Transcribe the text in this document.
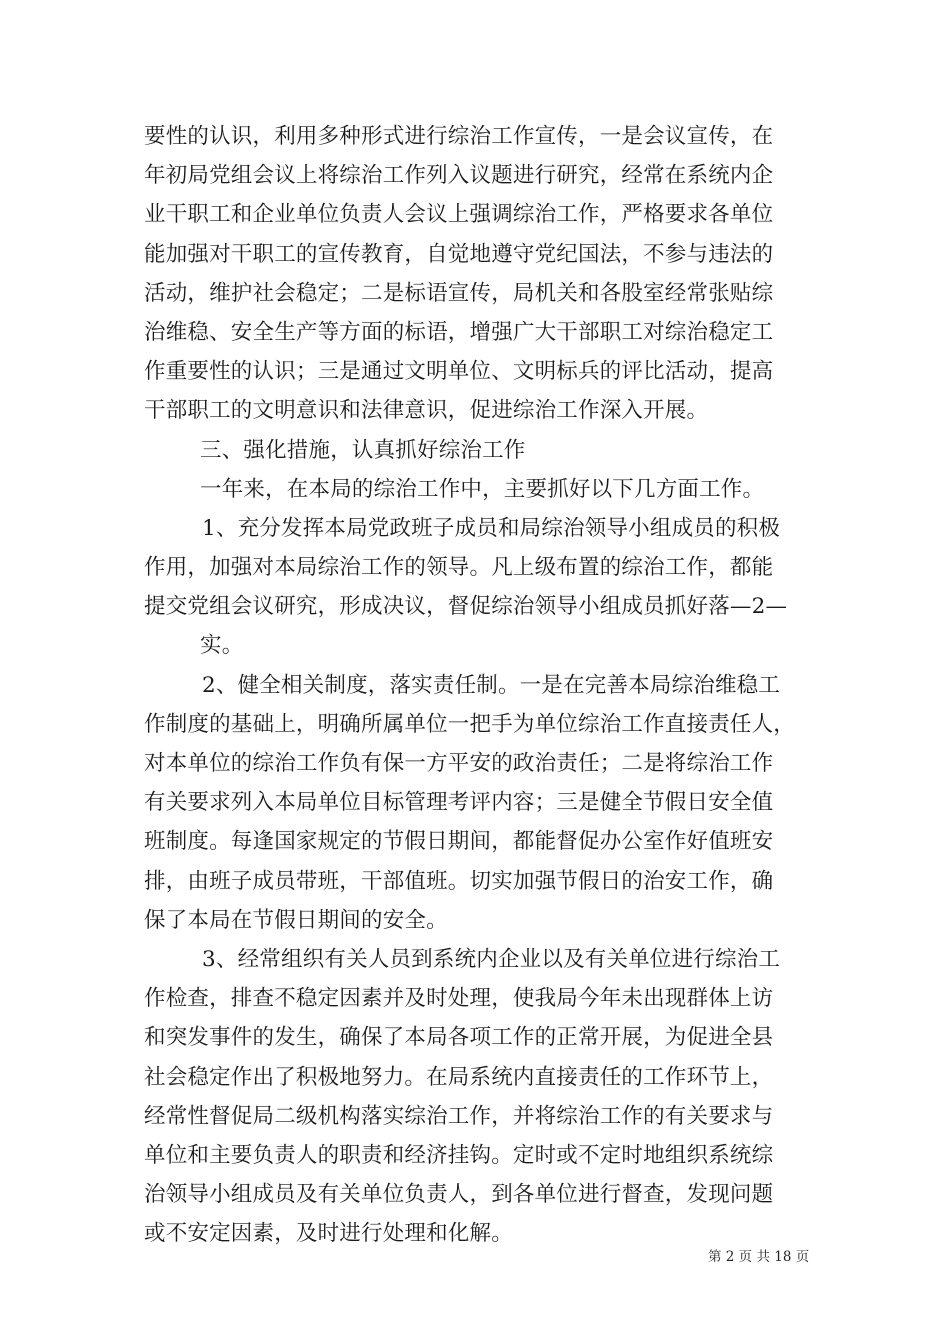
要性的认识，利用多种形式进行综治工作宣传，一是会议宣传，在
年初局党组会议上将综治工作列入议题进行研究，经常在系统内企
业干职工和企业单位负责人会议上强调综治工作，严格要求各单位
能加强对干职工的宣传教育，自觉地遵守党纪国法，不参与违法的
活动，维护社会稳定；二是标语宣传，局机关和各股室经常张贴综
治维稳、安全生产等方面的标语，增强广大干部职工对综治稳定工
作重要性的认识；三是通过文明单位、文明标兵的评比活动，提高
干部职工的文明意识和法律意识，促进综治工作深入开展。
三、强化措施，认真抓好综治工作
一年来，在本局的综治工作中，主要抓好以下几方面工作。
1、充分发挥本局党政班子成员和局综治领导小组成员的积极
作用，加强对本局综治工作的领导。凡上级布置的综治工作，都能
提交党组会议研究，形成决议，督促综治领导小组成员抓好落—2—
实。
2、健全相关制度，落实责任制。一是在完善本局综治维稳工
作制度的基础上，明确所属单位一把手为单位综治工作直接责任人，
对本单位的综治工作负有保一方平安的政治责任；二是将综治工作
有关要求列入本局单位目标管理考评内容；三是健全节假日安全值
班制度。每逢国家规定的节假日期间，都能督促办公室作好值班安
排，由班子成员带班，干部值班。切实加强节假日的治安工作，确
保了本局在节假日期间的安全。
3、经常组织有关人员到系统内企业以及有关单位进行综治工
作检查，排查不稳定因素并及时处理，使我局今年未出现群体上访
和突发事件的发生，确保了本局各项工作的正常开展，为促进全县
社会稳定作出了积极地努力。在局系统内直接责任的工作环节上，
经常性督促局二级机构落实综治工作，并将综治工作的有关要求与
单位和主要负责人的职责和经济挂钩。定时或不定时地组织系统综
治领导小组成员及有关单位负责人，到各单位进行督查，发现问题
或不安定因素，及时进行处理和化解。
第 2 页 共 18 页
